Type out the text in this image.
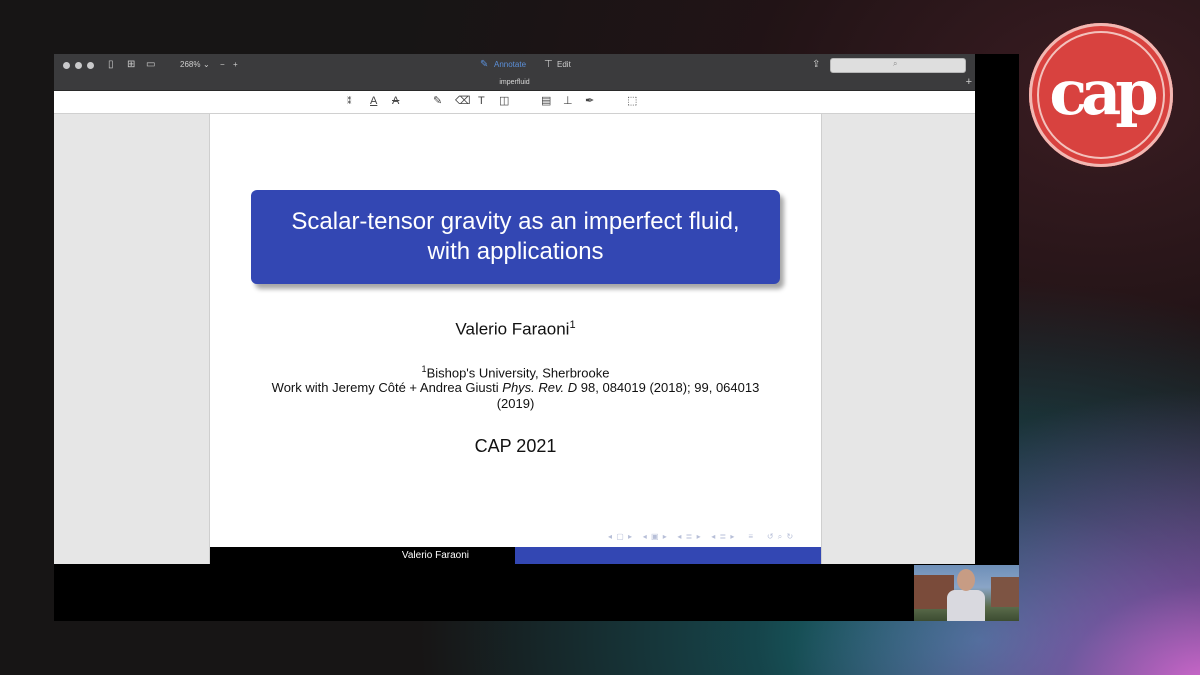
▯ ⊞ ▭	268% ⌄ − +	✎ Annotate ⊤ Edit	⇪	⌕
imperfluid	+
⁑ A A	✎ ⌫ T ◫	▤ ⊥ ✒	⬚
Scalar-tensor gravity as an imperfect fluid, with applications
Valerio Faraoni$^1$
$^1$Bishop's University, Sherbrooke
Work with Jeremy Côté + Andrea Giusti Phys. Rev. D 98, 084019 (2018); 99, 064013 (2019)
CAP 2021
◂ ▢ ▸   ◂ ▣ ▸   ◂ ≣ ▸   ◂ ≣ ▸    ≡    ↺ ⌕ ↻
Valerio Faraoni
cap
